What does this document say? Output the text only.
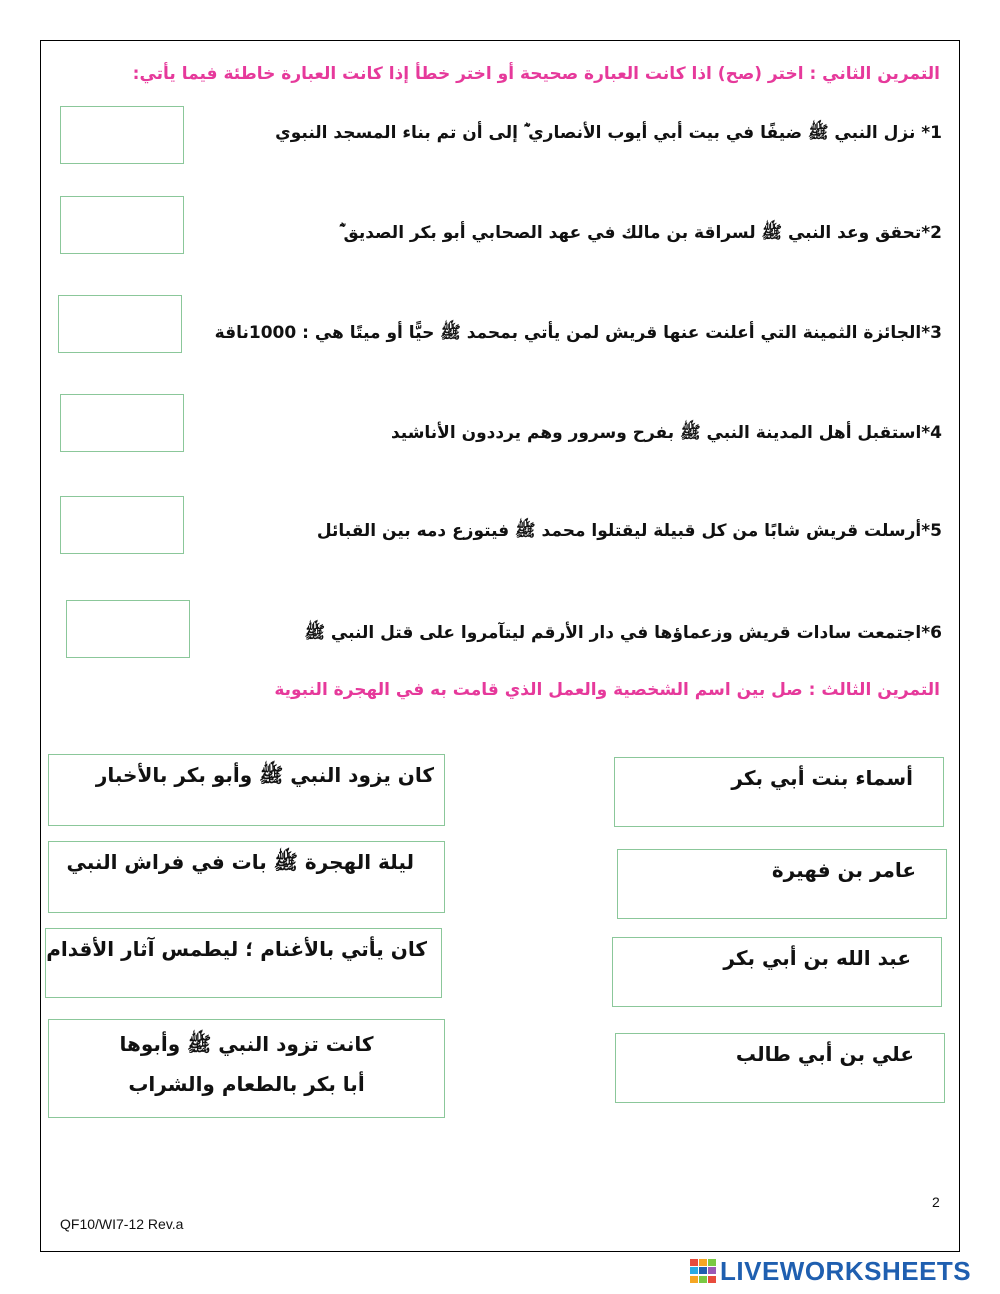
التمرين الثاني : اختر (صح) اذا كانت العبارة صحيحة أو اختر خطأ إذا كانت العبارة خاطئة فيما يأتي:
1* نزل النبي ﷺ ضيفًا في بيت أبي أيوب الأنصاري ؓ إلى أن تم بناء المسجد النبوي
2*تحقق وعد النبي ﷺ لسراقة بن مالك في عهد الصحابي أبو بكر الصديق ؓ
3*الجائزة الثمينة التي أعلنت عنها قريش لمن يأتي بمحمد ﷺ حيًّا أو ميتًا هي : 1000ناقة
4*استقبل أهل المدينة النبي ﷺ بفرح وسرور وهم يرددون الأناشيد
5*أرسلت قريش شابًا من كل قبيلة ليقتلوا محمد ﷺ فيتوزع دمه بين القبائل
6*اجتمعت سادات قريش وزعماؤها في دار الأرقم ليتآمروا على قتل النبي ﷺ
التمرين الثالث : صل بين اسم الشخصية والعمل الذي قامت به في الهجرة النبوية
أسماء بنت أبي بكر
عامر بن فهيرة
عبد الله بن أبي بكر
علي بن أبي طالب
كان يزود النبي ﷺ وأبو بكر بالأخبار
ليلة الهجرة ﷺ بات في فراش النبي
كان يأتي بالأغنام ؛ ليطمس آثار الأقدام
كانت تزود النبي ﷺ وأبوها
أبا بكر بالطعام والشراب
2
QF10/WI7-12 Rev.a
LIVEWORKSHEETS
